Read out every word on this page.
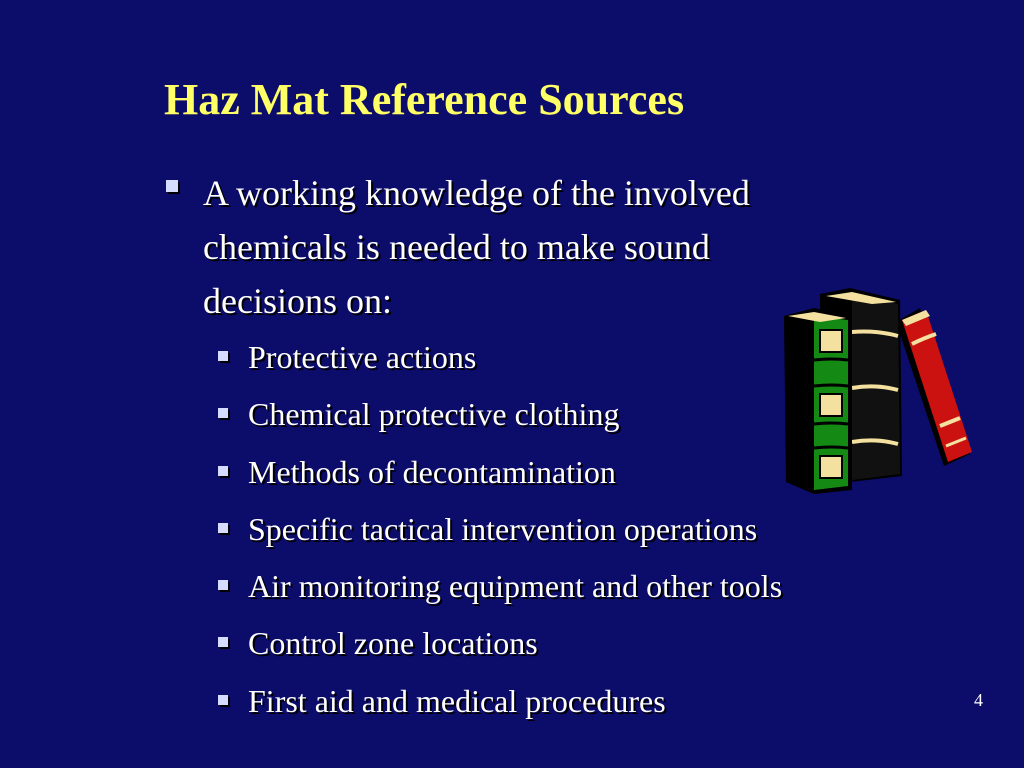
Haz Mat Reference Sources
A working knowledge of the involved
chemicals is needed to make sound
decisions on:
Protective actions
Chemical protective clothing
Methods of decontamination
Specific tactical intervention operations
Air monitoring equipment and other tools
Control zone locations
First aid and medical procedures	4
